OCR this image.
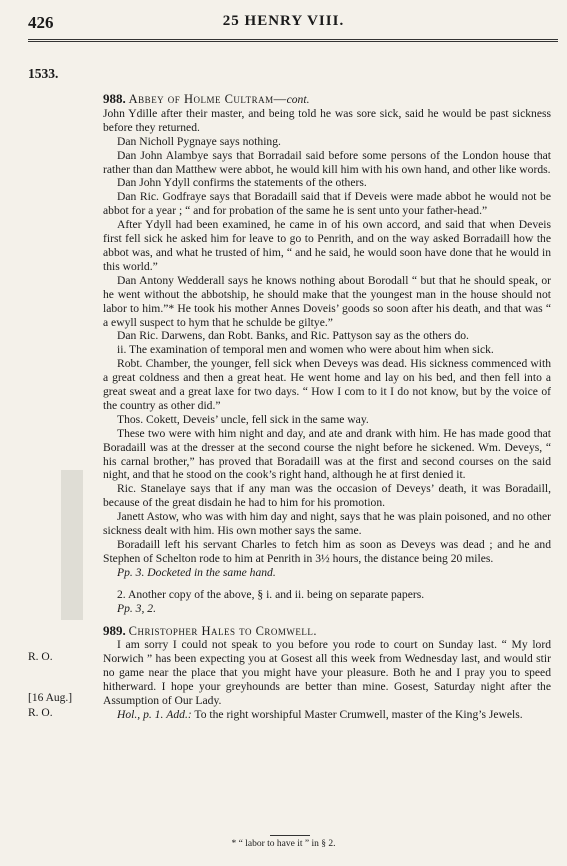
426	25 HENRY VIII.
1533.
R. O.
[16 Aug.]
R. O.

988. Abbey of Holme Cultram—cont.

John Ydille after their master, and being told he was sore sick, said he would be past sickness before they returned.

Dan Nicholl Pygnaye says nothing.

Dan John Alambye says that Borradail said before some persons of the London house that rather than dan Matthew were abbot, he would kill him with his own hand, and other like words.

Dan John Ydyll confirms the statements of the others.

Dan Ric. Godfraye says that Boradaill said that if Deveis were made abbot he would not be abbot for a year ; “ and for probation of the same he is sent unto your father-head.”

After Ydyll had been examined, he came in of his own accord, and said that when Deveis first fell sick he asked him for leave to go to Penrith, and on the way asked Borradaill how the abbot was, and what he trusted of him, “ and he said, he would soon have done that he would in this world.”

Dan Antony Wedderall says he knows nothing about Borodall “ but that he should speak, or he went without the abbotship, he should make that the youngest man in the house should not labor to him.”* He took his mother Annes Doveis’ goods so soon after his death, and that was “ a ewyll suspect to hym that he schulde be giltye.”

Dan Ric. Darwens, dan Robt. Banks, and Ric. Pattyson say as the others do.

ii. The examination of temporal men and women who were about him when sick.

Robt. Chamber, the younger, fell sick when Deveys was dead. His sickness commenced with a great coldness and then a great heat. He went home and lay on his bed, and then fell into a great sweat and a great laxe for two days. “ How I com to it I do not know, but by the voice of the country as other did.”

Thos. Cokett, Deveis’ uncle, fell sick in the same way.

These two were with him night and day, and ate and drank with him. He has made good that Boradaill was at the dresser at the second course the night before he sickened. Wm. Deveys, “ his carnal brother,” has proved that Boradaill was at the first and second courses on the said night, and that he stood on the cook’s right hand, although he at first denied it.

Ric. Stanelaye says that if any man was the occasion of Deveys’ death, it was Boradaill, because of the great disdain he had to him for his promotion.

Janett Astow, who was with him day and night, says that he was plain poisoned, and no other sickness dealt with him. His own mother says the same.

Boradaill left his servant Charles to fetch him as soon as Deveys was dead ; and he and Stephen of Schelton rode to him at Penrith in 3½ hours, the distance being 20 miles.

Pp. 3. Docketed in the same hand.

2. Another copy of the above, § i. and ii. being on separate papers.

Pp. 3, 2.

989. Christopher Hales to Cromwell.

I am sorry I could not speak to you before you rode to court on Sunday last. “ My lord Norwich ” has been expecting you at Gosest all this week from Wednesday last, and would stir no game near the place that you might have your pleasure. Both he and I pray you to speed hitherward. I hope your greyhounds are better than mine. Gosest, Saturday night after the Assumption of Our Lady.

Hol., p. 1. Add.: To the right worshipful Master Crumwell, master of the King’s Jewels.

* “ labor to have it ” in § 2.
